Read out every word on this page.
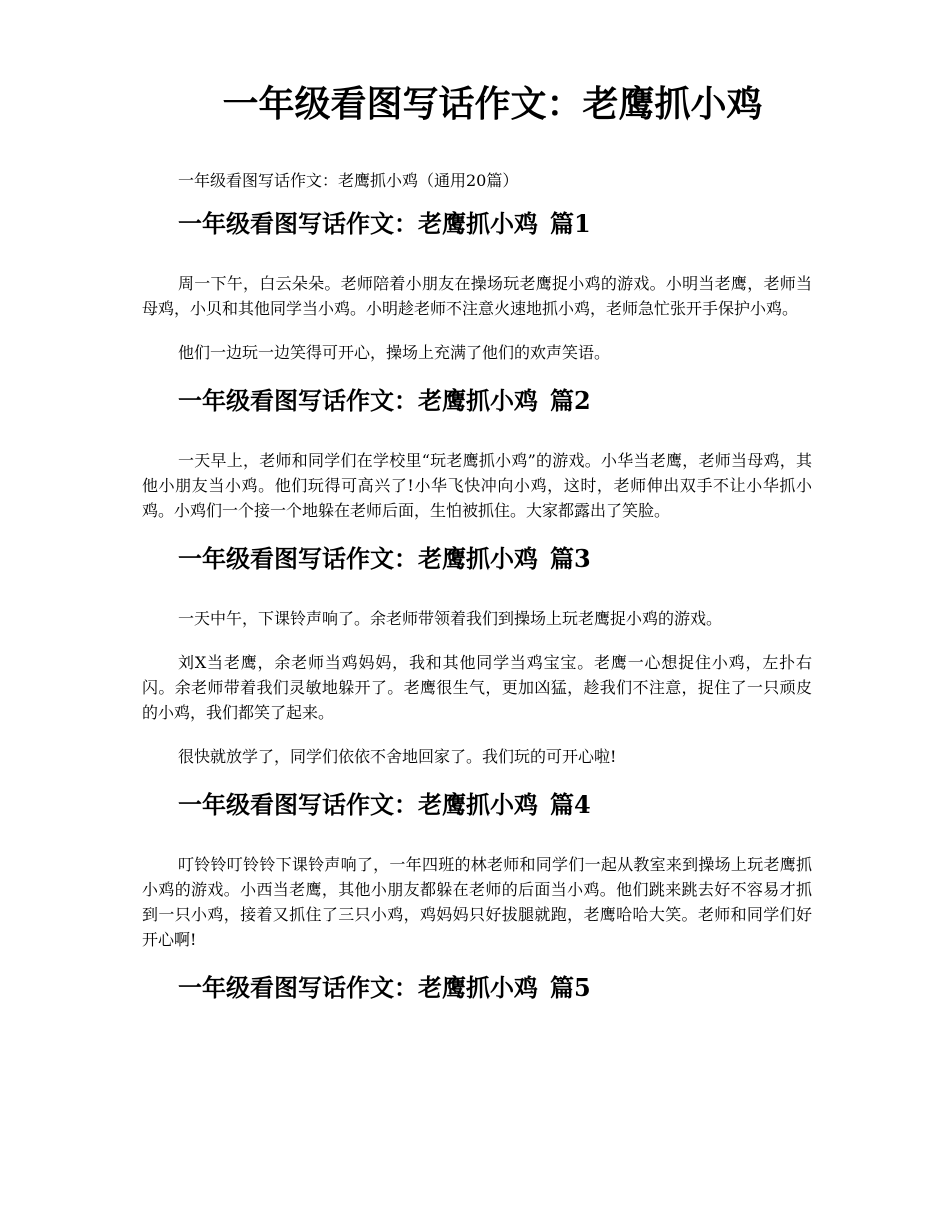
一年级看图写话作文：老鹰抓小鸡

一年级看图写话作文：老鹰抓小鸡（通用20篇）

一年级看图写话作文：老鹰抓小鸡 篇1

周一下午，白云朵朵。老师陪着小朋友在操场玩老鹰捉小鸡的游戏。小明当老鹰，老师当母鸡，小贝和其他同学当小鸡。小明趁老师不注意火速地抓小鸡，老师急忙张开手保护小鸡。

他们一边玩一边笑得可开心，操场上充满了他们的欢声笑语。

一年级看图写话作文：老鹰抓小鸡 篇2

一天早上，老师和同学们在学校里“玩老鹰抓小鸡”的游戏。小华当老鹰，老师当母鸡，其他小朋友当小鸡。他们玩得可高兴了!小华飞快冲向小鸡，这时，老师伸出双手不让小华抓小鸡。小鸡们一个接一个地躲在老师后面，生怕被抓住。大家都露出了笑脸。

一年级看图写话作文：老鹰抓小鸡 篇3

一天中午，下课铃声响了。余老师带领着我们到操场上玩老鹰捉小鸡的游戏。

刘X当老鹰，余老师当鸡妈妈，我和其他同学当鸡宝宝。老鹰一心想捉住小鸡，左扑右闪。余老师带着我们灵敏地躲开了。老鹰很生气，更加凶猛，趁我们不注意，捉住了一只顽皮的小鸡，我们都笑了起来。

很快就放学了，同学们依依不舍地回家了。我们玩的可开心啦!

一年级看图写话作文：老鹰抓小鸡 篇4

叮铃铃叮铃铃下课铃声响了，一年四班的林老师和同学们一起从教室来到操场上玩老鹰抓小鸡的游戏。小西当老鹰，其他小朋友都躲在老师的后面当小鸡。他们跳来跳去好不容易才抓到一只小鸡，接着又抓住了三只小鸡，鸡妈妈只好拔腿就跑，老鹰哈哈大笑。老师和同学们好开心啊!

一年级看图写话作文：老鹰抓小鸡 篇5
